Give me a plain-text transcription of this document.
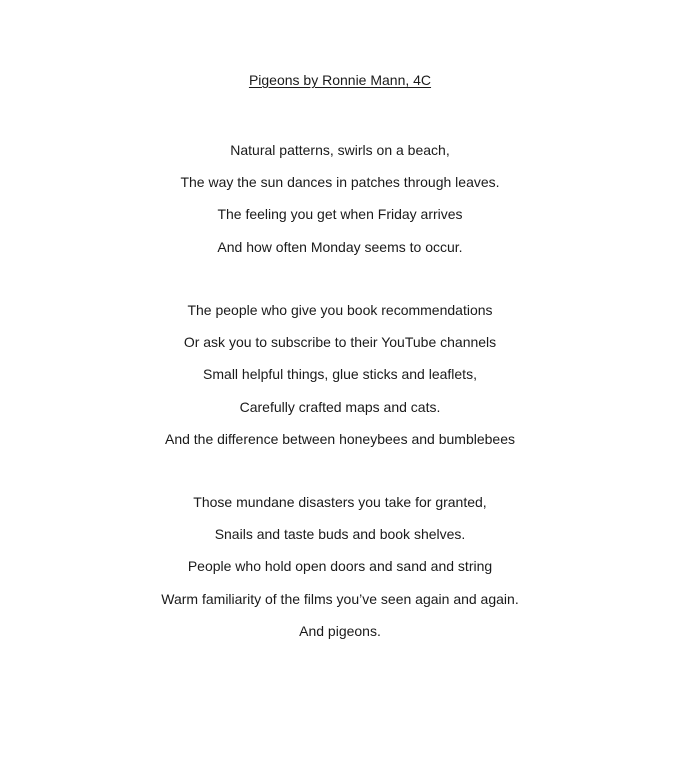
Pigeons by Ronnie Mann, 4C
Natural patterns, swirls on a beach,
The way the sun dances in patches through leaves.
The feeling you get when Friday arrives
And how often Monday seems to occur.
The people who give you book recommendations
Or ask you to subscribe to their YouTube channels
Small helpful things, glue sticks and leaflets,
Carefully crafted maps and cats.
And the difference between honeybees and bumblebees
Those mundane disasters you take for granted,
Snails and taste buds and book shelves.
People who hold open doors and sand and string
Warm familiarity of the films you’ve seen again and again.
And pigeons.
